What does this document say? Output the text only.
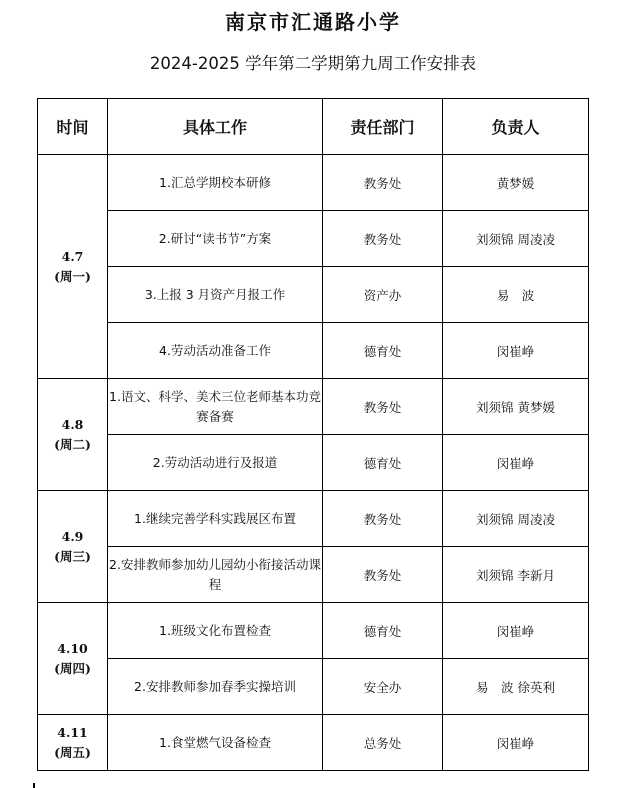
南京市汇通路小学
2024-2025 学年第二学期第九周工作安排表
时间	具体工作	责任部门	负责人

4.7
(周一)	1.汇总学期校本研修	教务处	黄梦媛
	2.研讨“读书节”方案	教务处	刘须锦 周凌凌
	3.上报 3 月资产月报工作	资产办	易　波
	4.劳动活动准备工作	德育处	闵崔峥

4.8
(周二)	1.语文、科学、美术三位老师基本功竞赛备赛	教务处	刘须锦 黄梦媛
	2.劳动活动进行及报道	德育处	闵崔峥

4.9
(周三)	1.继续完善学科实践展区布置	教务处	刘须锦 周凌凌
	2.安排教师参加幼儿园幼小衔接活动课程	教务处	刘须锦 李新月

4.10
(周四)	1.班级文化布置检查	德育处	闵崔峥
	2.安排教师参加春季实操培训	安全办	易　波 徐英利

4.11
(周五)	1.食堂燃气设备检查	总务处	闵崔峥
